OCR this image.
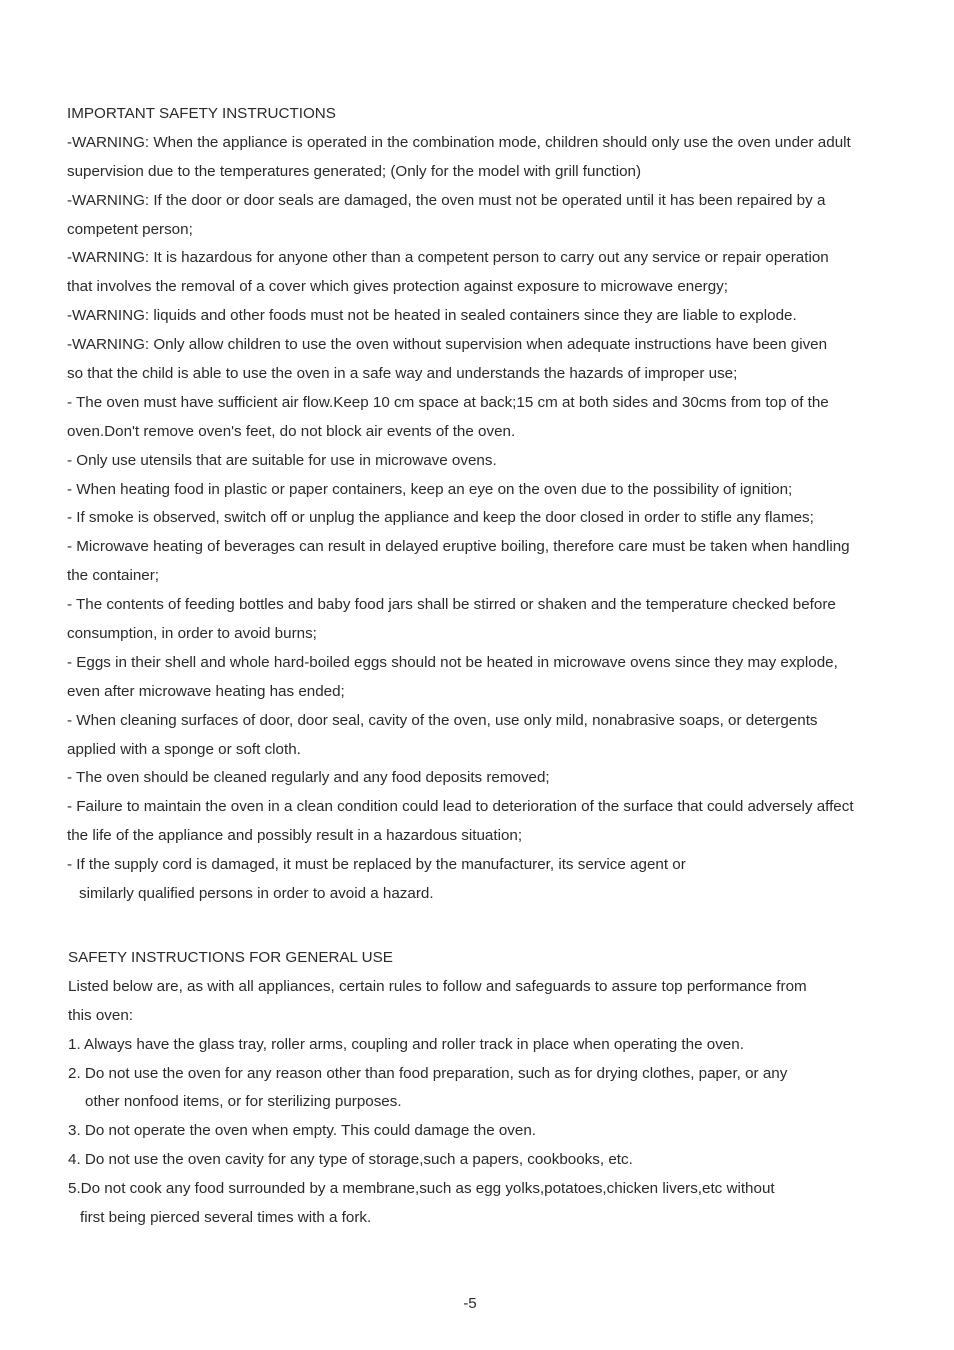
IMPORTANT SAFETY INSTRUCTIONS
-WARNING: When the appliance is operated in the combination mode, children should only use the oven under adult
supervision due to the temperatures generated; (Only for the model with grill function)
-WARNING: If the door or door seals are damaged, the oven must not be operated until it has been repaired by a
competent person;
-WARNING: It is hazardous for anyone other than a competent person to carry out any service or repair operation
that involves the removal of a cover which gives protection against exposure to microwave energy;
-WARNING: liquids and other foods must not be heated in sealed containers since they are liable to explode.
-WARNING: Only allow children to use the oven without supervision when adequate instructions have been given
so that the child is able to use the oven in a safe way and understands the hazards of improper use;
- The oven must have sufficient air flow.Keep 10 cm space at back;15 cm at both sides and 30cms from top of the
oven.Don't remove oven's feet, do not block air events of the oven.
- Only use utensils that are suitable for use in microwave ovens.
- When heating food in plastic or paper containers, keep an eye on the oven due to the possibility of ignition;
- If smoke is observed, switch off or unplug the appliance and keep the door closed in order to stifle any flames;
- Microwave heating of beverages can result in delayed eruptive boiling, therefore care must be taken when handling
the container;
- The contents of feeding bottles and baby food jars shall be stirred or shaken and the temperature checked before
consumption, in order to avoid burns;
- Eggs in their shell and whole hard-boiled eggs should not be heated in microwave ovens since they may explode,
even after microwave heating has ended;
- When cleaning surfaces of door, door seal, cavity of the oven, use only mild, nonabrasive soaps, or detergents
applied with a sponge or soft cloth.
- The oven should be cleaned regularly and any food deposits removed;
- Failure to maintain the oven in a clean condition could lead to deterioration of the surface that could adversely affect
the life of the appliance and possibly result in a hazardous situation;
- If the supply cord is damaged, it must be replaced by the manufacturer, its service agent or
similarly qualified persons in order to avoid a hazard.
SAFETY INSTRUCTIONS FOR GENERAL USE
Listed below are, as with all appliances, certain rules to follow and safeguards to assure top performance from
this oven:
1. Always have the glass tray, roller arms, coupling and roller track in place when operating the oven.
2. Do not use the oven for any reason other than food preparation, such as for drying clothes, paper, or any
other nonfood items, or for sterilizing purposes.
3. Do not operate the oven when empty. This could damage the oven.
4. Do not use the oven cavity for any type of storage,such a papers, cookbooks, etc.
5.Do not cook any food surrounded by a membrane,such as egg yolks,potatoes,chicken livers,etc without
first being pierced several times with a fork.
-5
